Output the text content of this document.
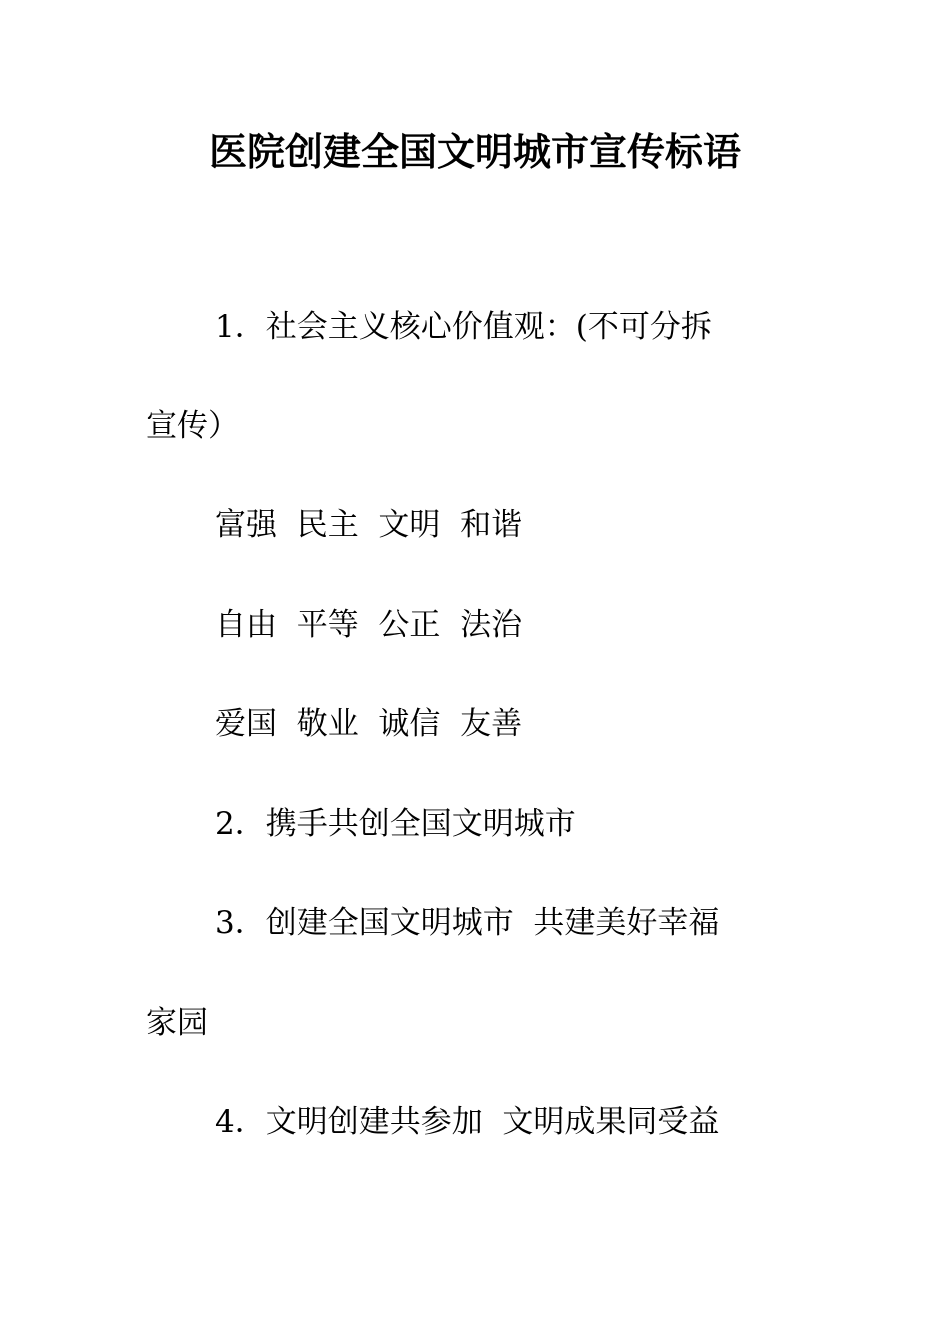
医院创建全国文明城市宣传标语
1．社会主义核心价值观：(不可分拆
宣传）
富强  民主  文明  和谐
自由  平等  公正  法治
爱国  敬业  诚信  友善
2．携手共创全国文明城市
3．创建全国文明城市  共建美好幸福
家园
4．文明创建共参加  文明成果同受益
